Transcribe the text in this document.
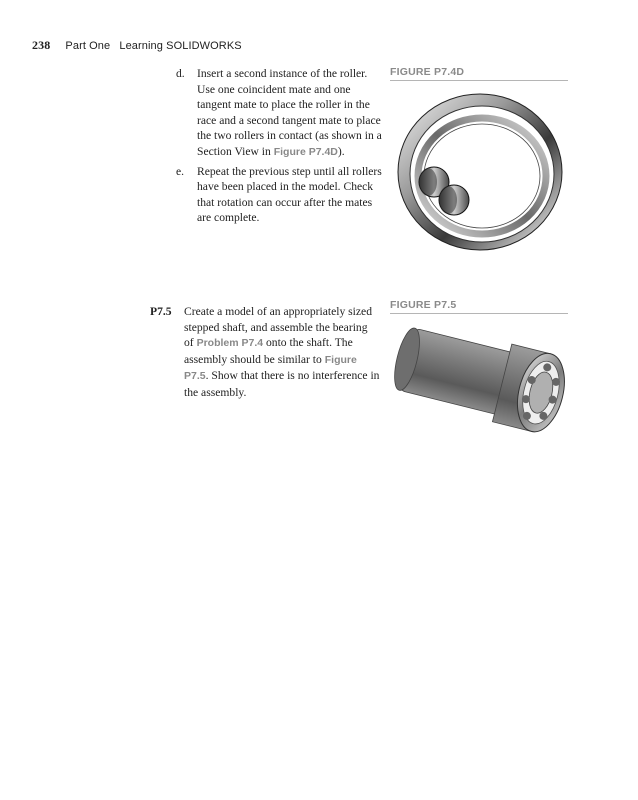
238 Part One Learning SOLIDWORKS
d. Insert a second instance of the roller. Use one coincident mate and one tangent mate to place the roller in the race and a second tangent mate to place the two rollers in contact (as shown in a Section View in Figure P7.4D).
e. Repeat the previous step until all rollers have been placed in the model. Check that rotation can occur after the mates are complete.
FIGURE P7.4D
P7.5 Create a model of an appropriately sized stepped shaft, and assemble the bearing of Problem P7.4 onto the shaft. The assembly should be similar to Figure P7.5. Show that there is no interference in the assembly.
FIGURE P7.5
